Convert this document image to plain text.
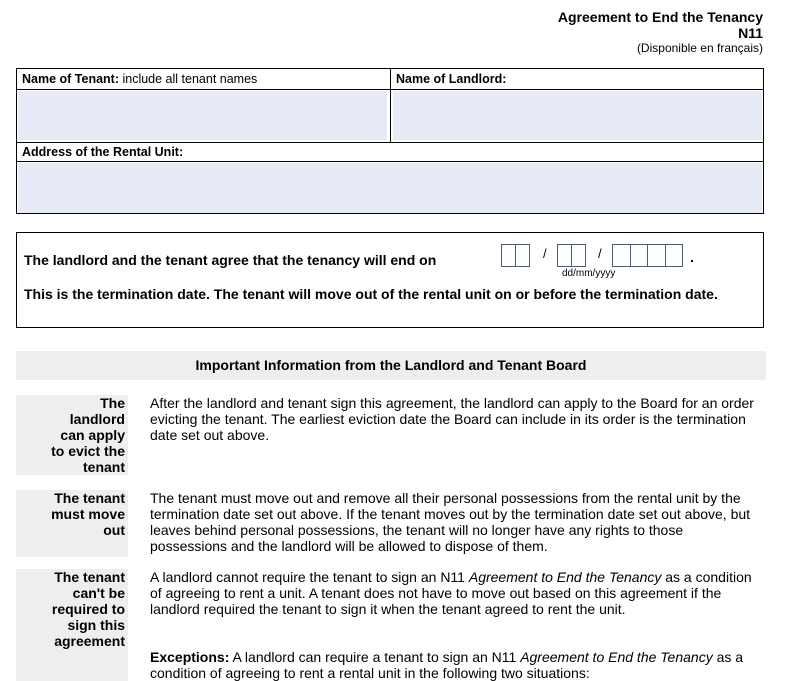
Agreement to End the Tenancy
N11
(Disponible en français)
Name of Tenant: include all tenant names	Name of Landlord:
Address of the Rental Unit:
The landlord and the tenant agree that the tenancy will end on	/	/	.
dd/mm/yyyy
This is the termination date. The tenant will move out of the rental unit on or before the termination date.
Important Information from the Landlord and Tenant Board
The landlord can apply to evict the tenant
After the landlord and tenant sign this agreement, the landlord can apply to the Board for an order evicting the tenant. The earliest eviction date the Board can include in its order is the termination date set out above.
The tenant must move out
The tenant must move out and remove all their personal possessions from the rental unit by the termination date set out above. If the tenant moves out by the termination date set out above, but leaves behind personal possessions, the tenant will no longer have any rights to those possessions and the landlord will be allowed to dispose of them.
The tenant can't be required to sign this agreement
A landlord cannot require the tenant to sign an N11 Agreement to End the Tenancy as a condition of agreeing to rent a unit. A tenant does not have to move out based on this agreement if the landlord required the tenant to sign it when the tenant agreed to rent the unit.
Exceptions: A landlord can require a tenant to sign an N11 Agreement to End the Tenancy as a condition of agreeing to rent a rental unit in the following two situations:
